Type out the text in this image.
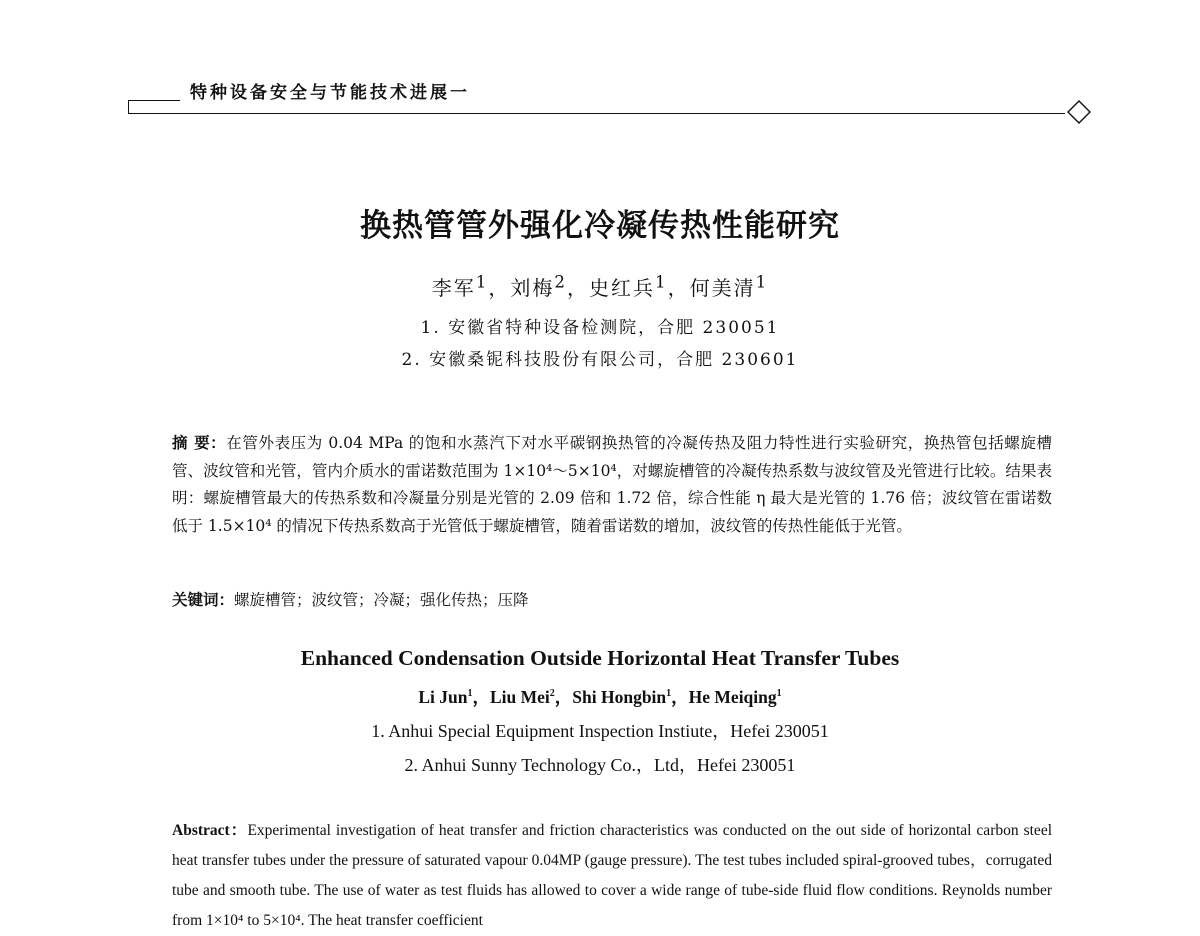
特种设备安全与节能技术进展一
换热管管外强化冷凝传热性能研究
李军$^1$，刘梅$^2$，史红兵$^1$，何美清$^1$
1. 安徽省特种设备检测院，合肥 230051
2. 安徽桑铌科技股份有限公司，合肥 230601
摘 要：在管外表压为 0.04 MPa 的饱和水蒸汽下对水平碳钢换热管的冷凝传热及阻力特性进行实验研究，换热管包括螺旋槽管、波纹管和光管，管内介质水的雷诺数范围为 1×10⁴～5×10⁴，对螺旋槽管的冷凝传热系数与波纹管及光管进行比较。结果表明：螺旋槽管最大的传热系数和冷凝量分别是光管的 2.09 倍和 1.72 倍，综合性能 η 最大是光管的 1.76 倍；波纹管在雷诺数低于 1.5×10⁴ 的情况下传热系数高于光管低于螺旋槽管，随着雷诺数的增加，波纹管的传热性能低于光管。
关键词：螺旋槽管；波纹管；冷凝；强化传热；压降
Enhanced Condensation Outside Horizontal Heat Transfer Tubes
Li Jun$^1$，Liu Mei$^2$，Shi Hongbin$^1$，He Meiqing$^1$
1. Anhui Special Equipment Inspection Instiute，Hefei 230051
2. Anhui Sunny Technology Co.，Ltd，Hefei 230051
Abstract：Experimental investigation of heat transfer and friction characteristics was conducted on the out side of horizontal carbon steel heat transfer tubes under the pressure of saturated vapour 0.04MP (gauge pressure). The test tubes included spiral-grooved tubes，corrugated tube and smooth tube. The use of water as test fluids has allowed to cover a wide range of tube-side fluid flow conditions. Reynolds number from 1×10⁴ to 5×10⁴. The heat transfer coefficient
